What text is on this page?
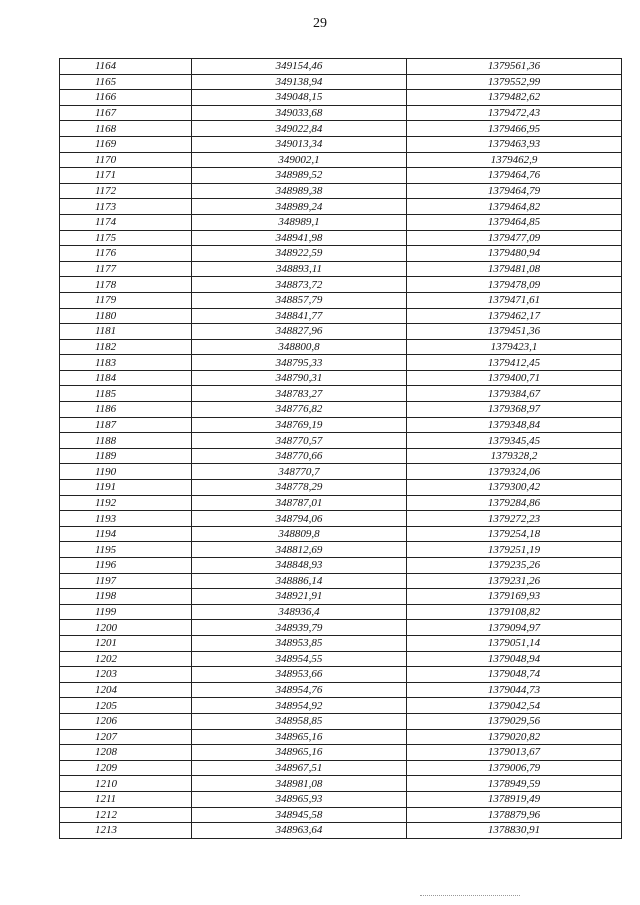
29
1164	349154,46	1379561,36
1165	349138,94	1379552,99
1166	349048,15	1379482,62
1167	349033,68	1379472,43
1168	349022,84	1379466,95
1169	349013,34	1379463,93
1170	349002,1	1379462,9
1171	348989,52	1379464,76
1172	348989,38	1379464,79
1173	348989,24	1379464,82
1174	348989,1	1379464,85
1175	348941,98	1379477,09
1176	348922,59	1379480,94
1177	348893,11	1379481,08
1178	348873,72	1379478,09
1179	348857,79	1379471,61
1180	348841,77	1379462,17
1181	348827,96	1379451,36
1182	348800,8	1379423,1
1183	348795,33	1379412,45
1184	348790,31	1379400,71
1185	348783,27	1379384,67
1186	348776,82	1379368,97
1187	348769,19	1379348,84
1188	348770,57	1379345,45
1189	348770,66	1379328,2
1190	348770,7	1379324,06
1191	348778,29	1379300,42
1192	348787,01	1379284,86
1193	348794,06	1379272,23
1194	348809,8	1379254,18
1195	348812,69	1379251,19
1196	348848,93	1379235,26
1197	348886,14	1379231,26
1198	348921,91	1379169,93
1199	348936,4	1379108,82
1200	348939,79	1379094,97
1201	348953,85	1379051,14
1202	348954,55	1379048,94
1203	348953,66	1379048,74
1204	348954,76	1379044,73
1205	348954,92	1379042,54
1206	348958,85	1379029,56
1207	348965,16	1379020,82
1208	348965,16	1379013,67
1209	348967,51	1379006,79
1210	348981,08	1378949,59
1211	348965,93	1378919,49
1212	348945,58	1378879,96
1213	348963,64	1378830,91
